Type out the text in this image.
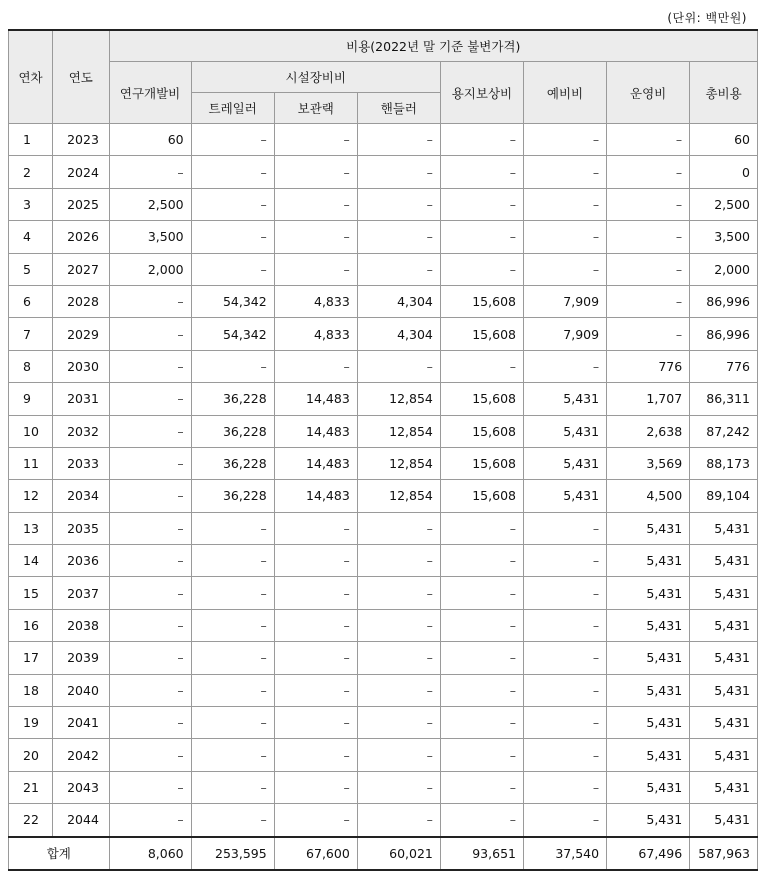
(단위: 백만원)
연차	연도	비용(2022년 말 기준 불변가격)							
		연구개발비	시설장비비			용지보상비	예비비	운영비	총비용
			트레일러	보관랙	핸들러				
1	2023	60	–	–	–	–	–	–	60
2	2024	–	–	–	–	–	–	–	0
3	2025	2,500	–	–	–	–	–	–	2,500
4	2026	3,500	–	–	–	–	–	–	3,500
5	2027	2,000	–	–	–	–	–	–	2,000
6	2028	–	54,342	4,833	4,304	15,608	7,909	–	86,996
7	2029	–	54,342	4,833	4,304	15,608	7,909	–	86,996
8	2030	–	–	–	–	–	–	776	776
9	2031	–	36,228	14,483	12,854	15,608	5,431	1,707	86,311
10	2032	–	36,228	14,483	12,854	15,608	5,431	2,638	87,242
11	2033	–	36,228	14,483	12,854	15,608	5,431	3,569	88,173
12	2034	–	36,228	14,483	12,854	15,608	5,431	4,500	89,104
13	2035	–	–	–	–	–	–	5,431	5,431
14	2036	–	–	–	–	–	–	5,431	5,431
15	2037	–	–	–	–	–	–	5,431	5,431
16	2038	–	–	–	–	–	–	5,431	5,431
17	2039	–	–	–	–	–	–	5,431	5,431
18	2040	–	–	–	–	–	–	5,431	5,431
19	2041	–	–	–	–	–	–	5,431	5,431
20	2042	–	–	–	–	–	–	5,431	5,431
21	2043	–	–	–	–	–	–	5,431	5,431
22	2044	–	–	–	–	–	–	5,431	5,431
합계		8,060	253,595	67,600	60,021	93,651	37,540	67,496	587,963
